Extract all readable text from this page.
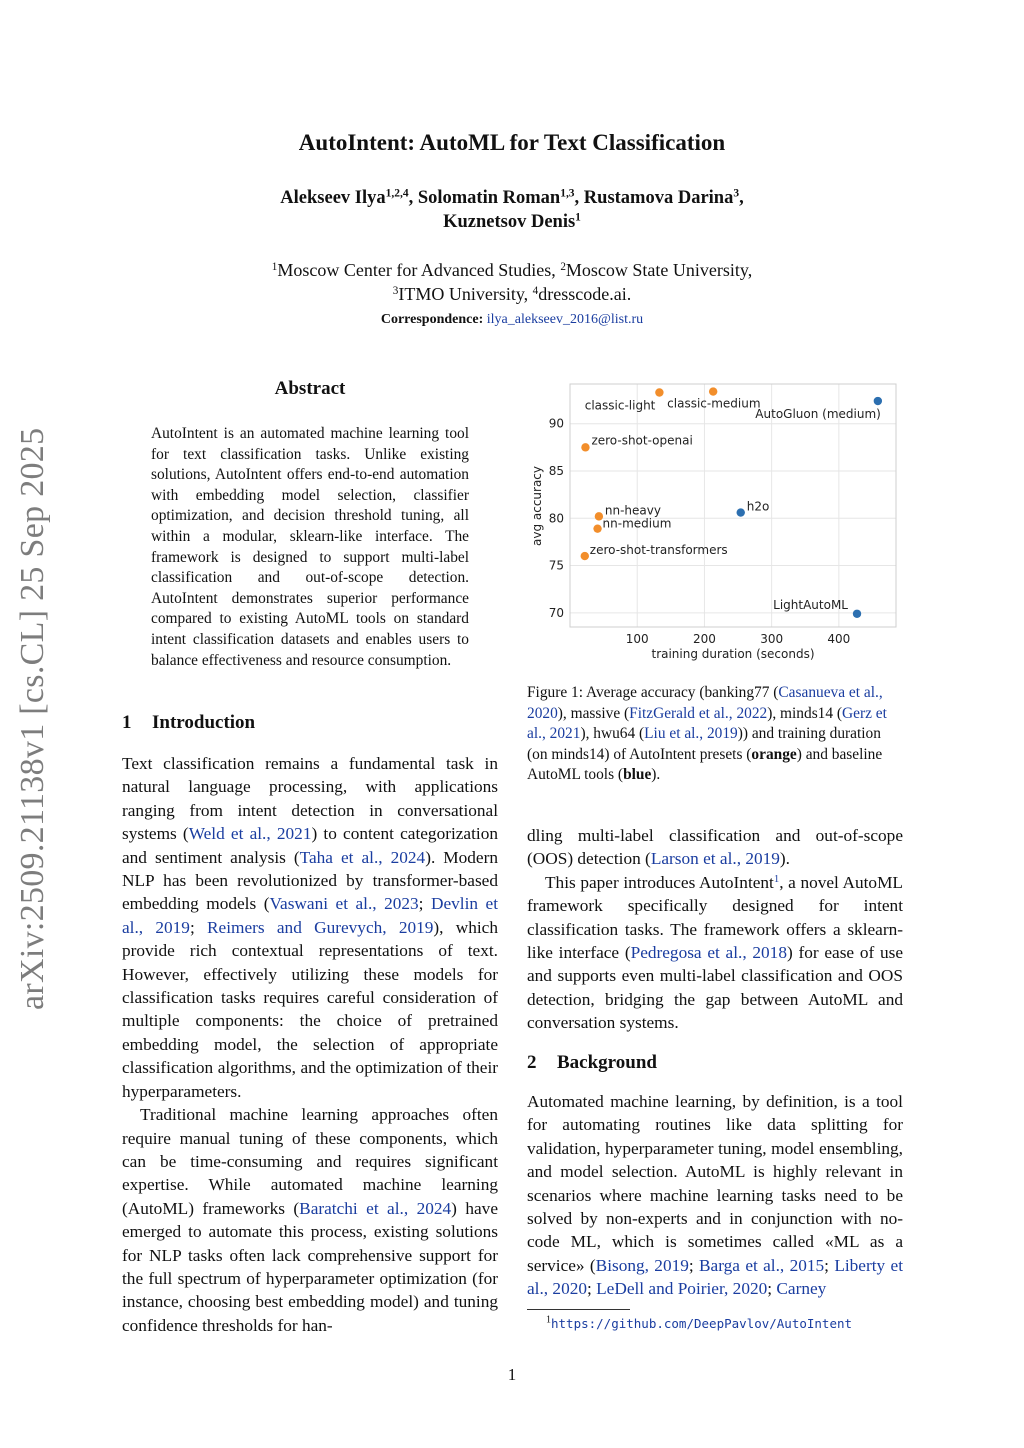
AutoIntent: AutoML for Text Classification
Alekseev Ilya$^{1,2,4}$, Solomatin Roman$^{1,3}$, Rustamova Darina$^3$,
Kuznetsov Denis$^1$
$^1$Moscow Center for Advanced Studies, $^2$Moscow State University,
$^3$ITMO University, $^4$dresscode.ai.
Correspondence: ilya_alekseev_2016@list.ru
arXiv:2509.21138v1 [cs.CL] 25 Sep 2025
Abstract
AutoIntent is an automated machine learning tool for text classification tasks. Unlike existing solutions, AutoIntent offers end-to-end automation with embedding model selection, classifier optimization, and decision threshold tuning, all within a modular, sklearn-like interface. The framework is designed to support multi-label classification and out-of-scope detection. AutoIntent demonstrates superior performance compared to existing AutoML tools on standard intent classification datasets and enables users to balance effectiveness and resource consumption.
1 Introduction

Text classification remains a fundamental task in natural language processing, with applications ranging from intent detection in conversational systems (Weld et al., 2021) to content categorization and sentiment analysis (Taha et al., 2024). Modern NLP has been revolutionized by transformer-based embedding models (Vaswani et al., 2023; Devlin et al., 2019; Reimers and Gurevych, 2019), which provide rich contextual representations of text. However, effectively utilizing these models for classification tasks requires careful consideration of multiple components: the choice of pretrained embedding model, the selection of appropriate classification algorithms, and the optimization of their hyperparameters.

Traditional machine learning approaches often require manual tuning of these components, which can be time-consuming and requires significant expertise. While automated machine learning (AutoML) frameworks (Baratchi et al., 2024) have emerged to automate this process, existing solutions for NLP tasks often lack comprehensive support for the full spectrum of hyperparameter optimization (for instance, choosing best embedding model) and tuning confidence thresholds for han-

100	200	300	400
70
75
80
85
90
classic-light classic-medium
AutoGluon (medium)
zero-shot-openai
nn-heavy
nn-medium
h2o
zero-shot-transformers
LightAutoML
training duration (seconds)
avg accuracy
Figure 1: Average accuracy (banking77 (Casanueva et al., 2020), massive (FitzGerald et al., 2022), minds14 (Gerz et al., 2021), hwu64 (Liu et al., 2019)) and training duration (on minds14) of AutoIntent presets (orange) and baseline AutoML tools (blue).

dling multi-label classification and out-of-scope (OOS) detection (Larson et al., 2019).

This paper introduces AutoIntent$^1$, a novel AutoML framework specifically designed for intent classification tasks. The framework offers a sklearn-like interface (Pedregosa et al., 2018) for ease of use and supports even multi-label classification and OOS detection, bridging the gap between AutoML and conversation systems.

2 Background

Automated machine learning, by definition, is a tool for automating routines like data splitting for validation, hyperparameter tuning, model ensembling, and model selection. AutoML is highly relevant in scenarios where machine learning tasks need to be solved by non-experts and in conjunction with no-code ML, which is sometimes called «ML as a service» (Bisong, 2019; Barga et al., 2015; Liberty et al., 2020; LeDell and Poirier, 2020; Carney

$^1$https://github.com/DeepPavlov/AutoIntent
1
